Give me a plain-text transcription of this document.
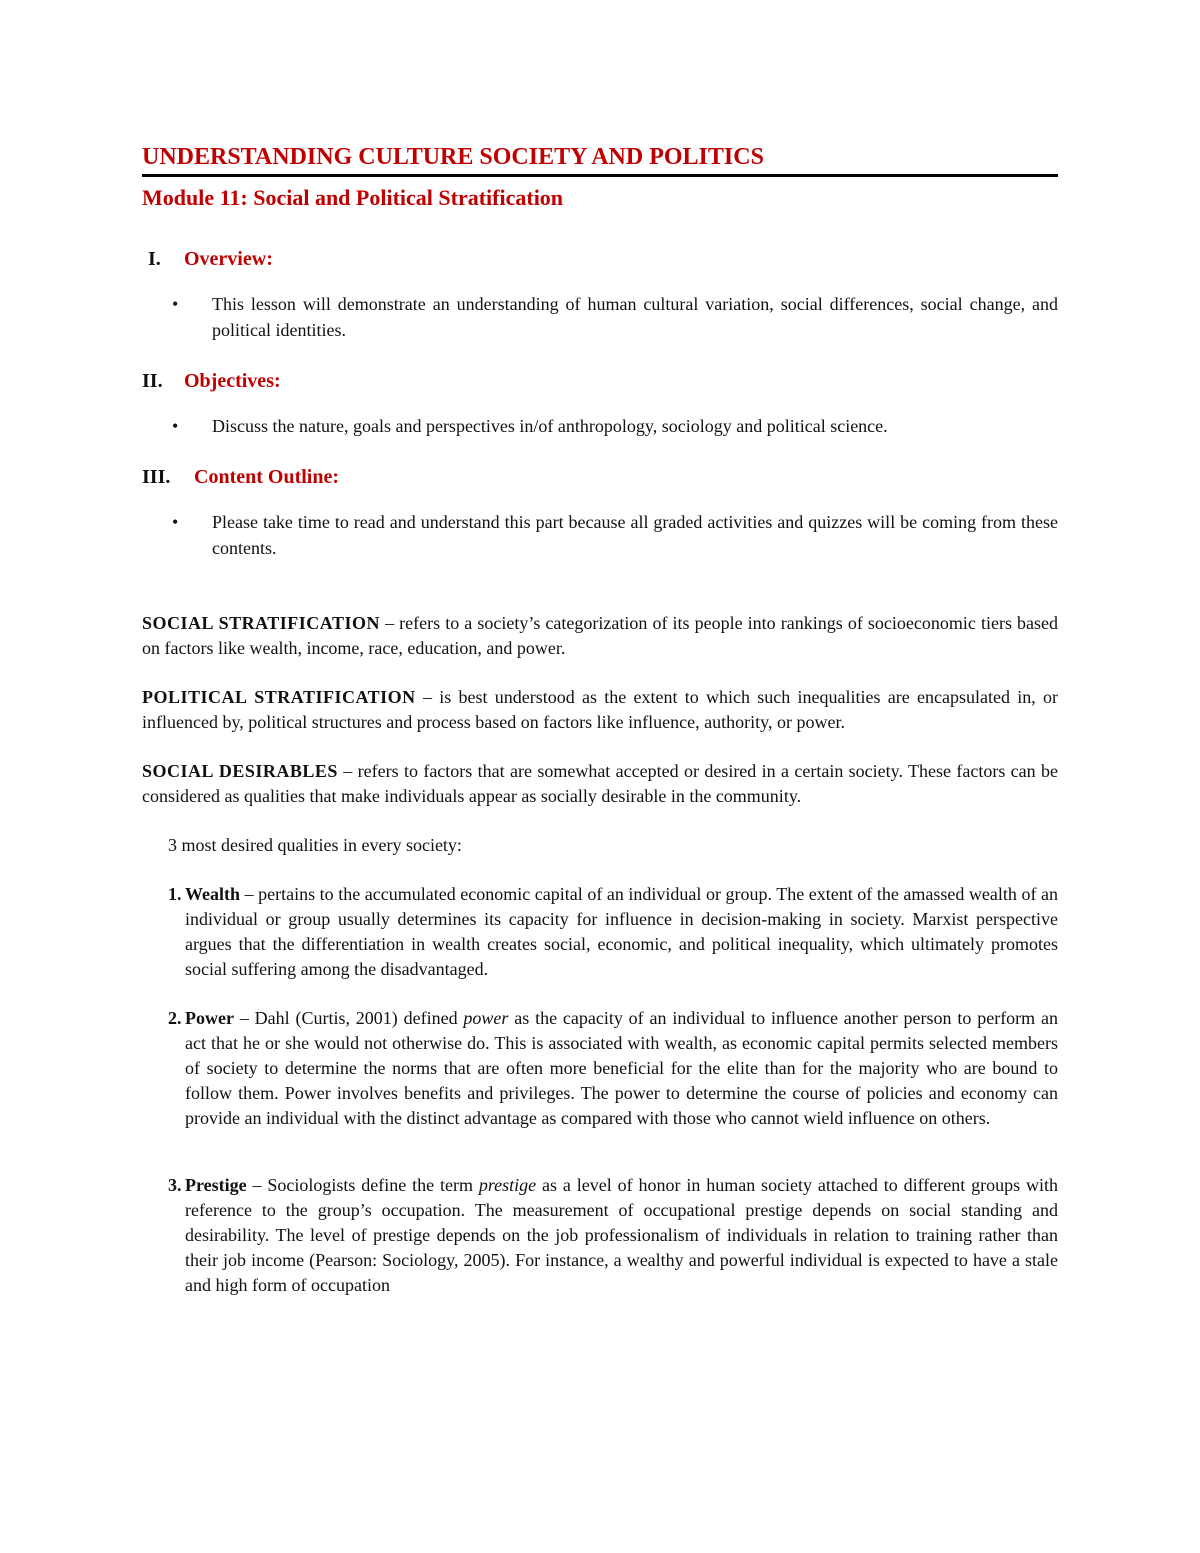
UNDERSTANDING CULTURE SOCIETY AND POLITICS
Module 11: Social and Political Stratification
I.	Overview:
• This lesson will demonstrate an understanding of human cultural variation, social differences, social change, and political identities.
II.	Objectives:
• Discuss the nature, goals and perspectives in/of anthropology, sociology and political science.
III.	Content Outline:
• Please take time to read and understand this part because all graded activities and quizzes will be coming from these contents.

SOCIAL STRATIFICATION – refers to a society’s categorization of its people into rankings of socioeconomic tiers based on factors like wealth, income, race, education, and power.

POLITICAL STRATIFICATION – is best understood as the extent to which such inequalities are encapsulated in, or influenced by, political structures and process based on factors like influence, authority, or power.

SOCIAL DESIRABLES – refers to factors that are somewhat accepted or desired in a certain society. These factors can be considered as qualities that make individuals appear as socially desirable in the community.

3 most desired qualities in every society:

1. Wealth – pertains to the accumulated economic capital of an individual or group. The extent of the amassed wealth of an individual or group usually determines its capacity for influence in decision-making in society. Marxist perspective argues that the differentiation in wealth creates social, economic, and political inequality, which ultimately promotes social suffering among the disadvantaged.
2. Power – Dahl (Curtis, 2001) defined power as the capacity of an individual to influence another person to perform an act that he or she would not otherwise do. This is associated with wealth, as economic capital permits selected members of society to determine the norms that are often more beneficial for the elite than for the majority who are bound to follow them. Power involves benefits and privileges. The power to determine the course of policies and economy can provide an individual with the distinct advantage as compared with those who cannot wield influence on others.
3. Prestige – Sociologists define the term prestige as a level of honor in human society attached to different groups with reference to the group’s occupation. The measurement of occupational prestige depends on social standing and desirability. The level of prestige depends on the job professionalism of individuals in relation to training rather than their job income (Pearson: Sociology, 2005). For instance, a wealthy and powerful individual is expected to have a stale and high form of occupation
